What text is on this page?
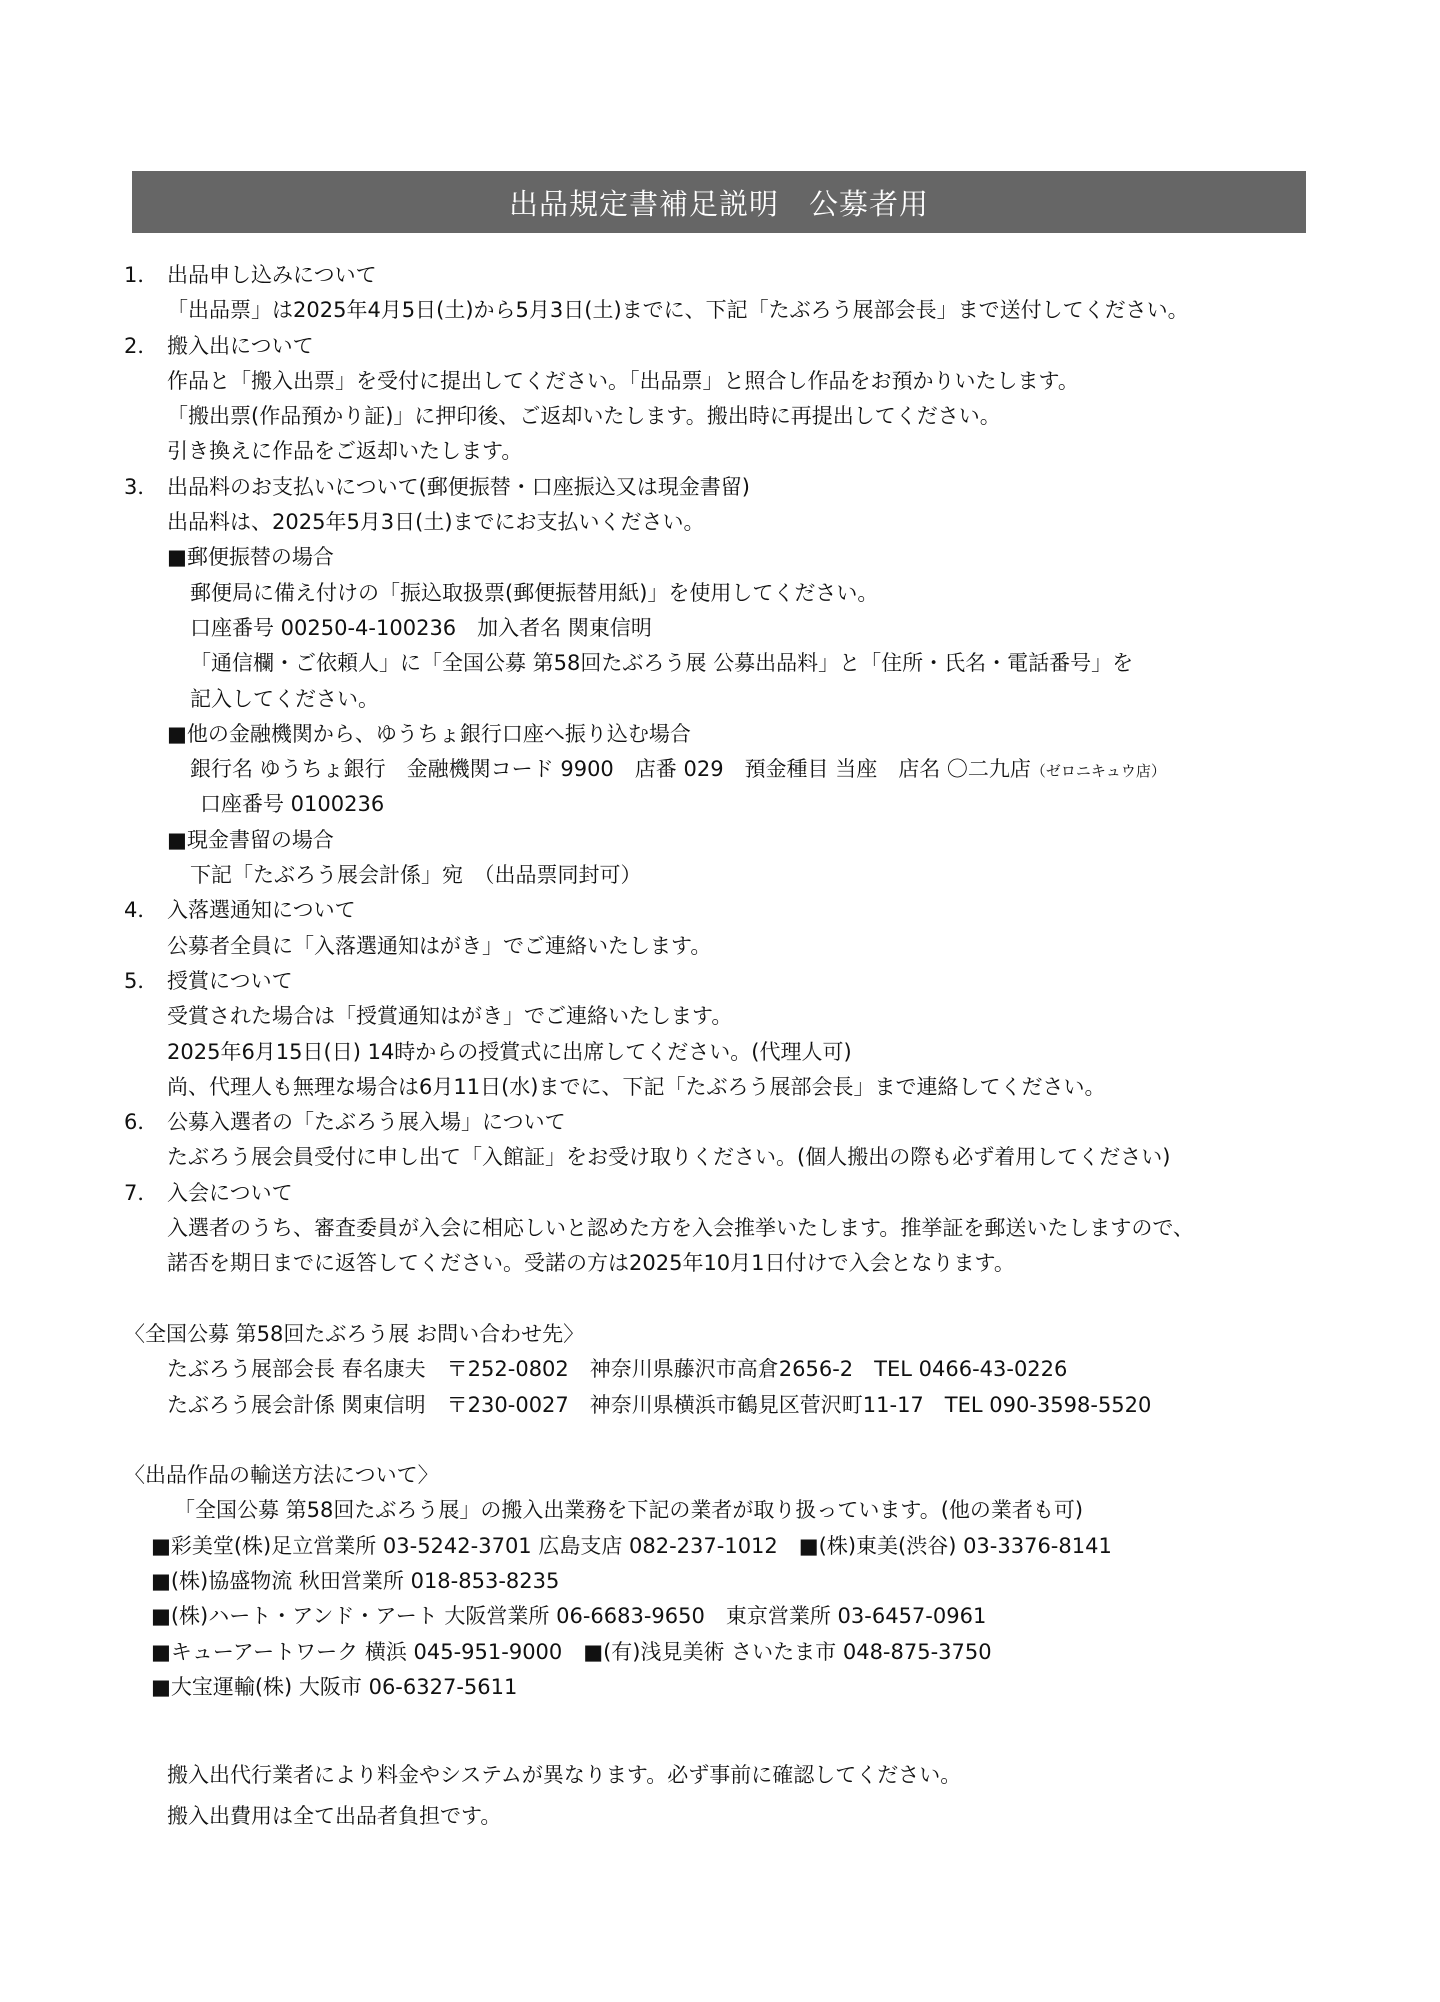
出品規定書補足説明　公募者用
1． 出品申し込みについて
「出品票」は2025年4月5日(土)から5月3日(土)までに、下記「たぶろう展部会長」まで送付してください。
2． 搬入出について
作品と「搬入出票」を受付に提出してください。「出品票」と照合し作品をお預かりいたします。
「搬出票(作品預かり証)」に押印後、ご返却いたします。搬出時に再提出してください。
引き換えに作品をご返却いたします。
3． 出品料のお支払いについて(郵便振替・口座振込又は現金書留)
出品料は、2025年5月3日(土)までにお支払いください。
■郵便振替の場合
郵便局に備え付けの「振込取扱票(郵便振替用紙)」を使用してください。
口座番号 00250-4-100236　加入者名 関東信明
「通信欄・ご依頼人」に「全国公募 第58回たぶろう展 公募出品料」と「住所・氏名・電話番号」を
記入してください。
■他の金融機関から、ゆうちょ銀行口座へ振り込む場合
銀行名 ゆうちょ銀行　金融機関コード 9900　店番 029　預金種目 当座　店名 〇二九店（ゼロニキュウ店）
口座番号 0100236
■現金書留の場合
下記「たぶろう展会計係」宛　（出品票同封可）
4． 入落選通知について
公募者全員に「入落選通知はがき」でご連絡いたします。
5． 授賞について
受賞された場合は「授賞通知はがき」でご連絡いたします。
2025年6月15日(日) 14時からの授賞式に出席してください。(代理人可)
尚、代理人も無理な場合は6月11日(水)までに、下記「たぶろう展部会長」まで連絡してください。
6． 公募入選者の「たぶろう展入場」について
たぶろう展会員受付に申し出て「入館証」をお受け取りください。(個人搬出の際も必ず着用してください)
7． 入会について
入選者のうち、審査委員が入会に相応しいと認めた方を入会推挙いたします。推挙証を郵送いたしますので、
諾否を期日までに返答してください。受諾の方は2025年10月1日付けで入会となります。
〈全国公募 第58回たぶろう展 お問い合わせ先〉
たぶろう展部会長 春名康夫　〒252-0802　神奈川県藤沢市高倉2656-2　TEL 0466-43-0226
たぶろう展会計係 関東信明　〒230-0027　神奈川県横浜市鶴見区菅沢町11-17　TEL 090-3598-5520
〈出品作品の輸送方法について〉
「全国公募 第58回たぶろう展」の搬入出業務を下記の業者が取り扱っています。(他の業者も可)
■彩美堂(株)足立営業所 03-5242-3701 広島支店 082-237-1012　■(株)東美(渋谷) 03-3376-8141
■(株)協盛物流 秋田営業所 018-853-8235
■(株)ハート・アンド・アート 大阪営業所 06-6683-9650　東京営業所 03-6457-0961
■キューアートワーク 横浜 045-951-9000　■(有)浅見美術 さいたま市 048-875-3750
■大宝運輸(株) 大阪市 06-6327-5611
搬入出代行業者により料金やシステムが異なります。必ず事前に確認してください。
搬入出費用は全て出品者負担です。
